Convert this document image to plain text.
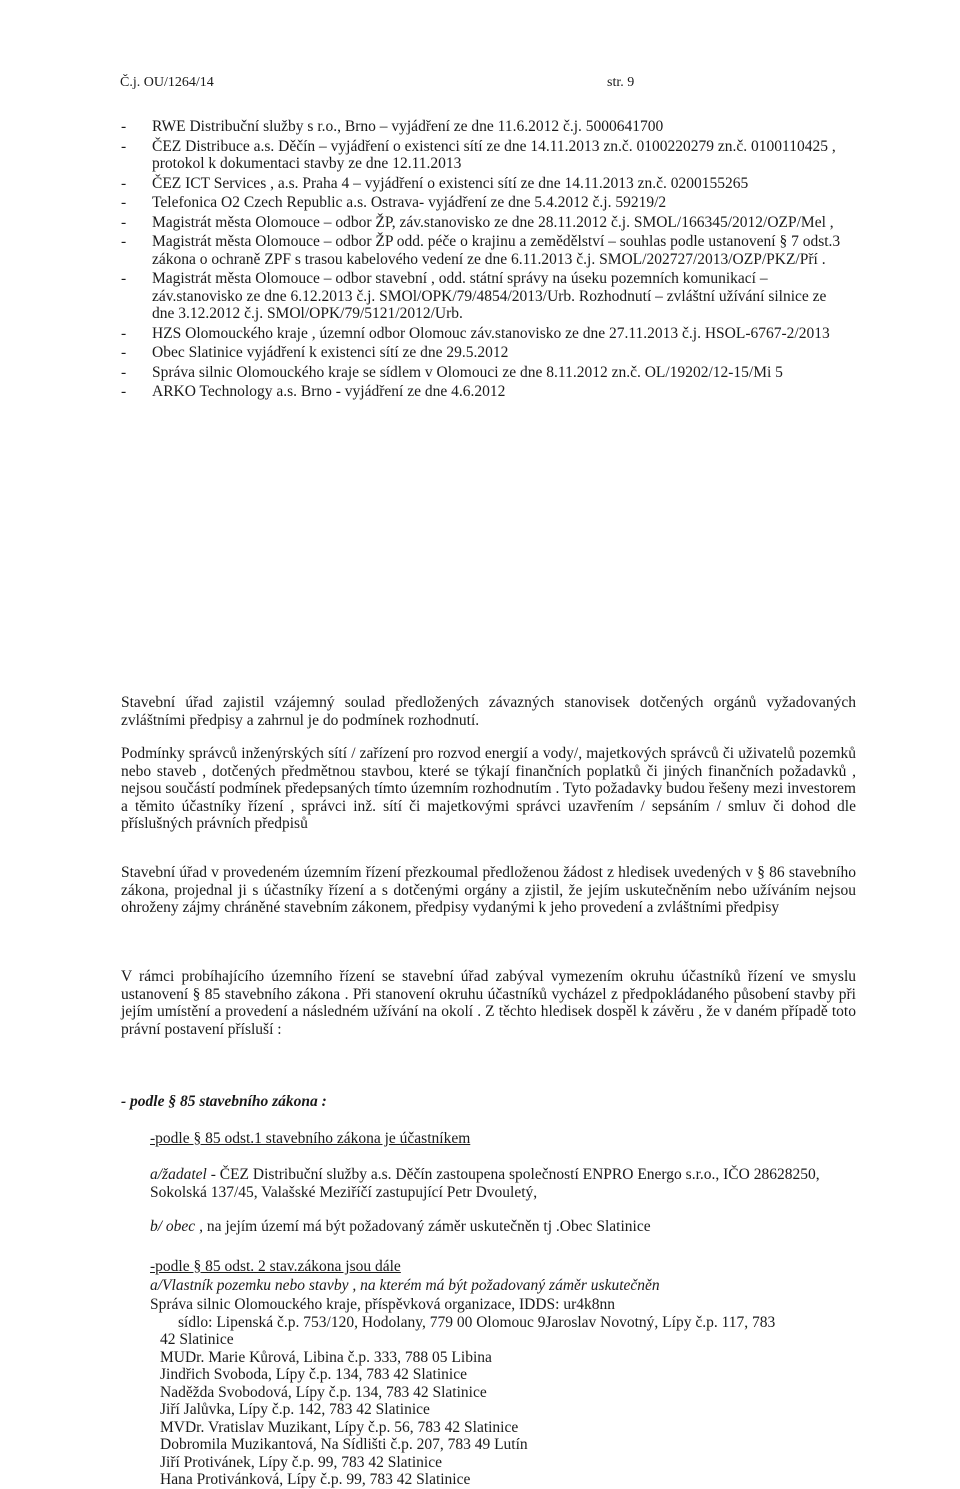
Č.j. OU/1264/14	str. 9
- RWE Distribuční služby s r.o., Brno – vyjádření ze dne 11.6.2012 č.j. 5000641700
- ČEZ Distribuce a.s. Děčín – vyjádření o existenci sítí ze dne 14.11.2013 zn.č. 0100220279 zn.č. 0100110425 , protokol k dokumentaci stavby ze dne 12.11.2013
- ČEZ ICT Services , a.s. Praha 4 – vyjádření o existenci sítí ze dne 14.11.2013 zn.č. 0200155265
- Telefonica O2 Czech Republic a.s. Ostrava- vyjádření ze dne 5.4.2012 č.j. 59219/2
- Magistrát města Olomouce – odbor ŽP, záv.stanovisko ze dne 28.11.2012 č.j. SMOL/166345/2012/OZP/Mel ,
- Magistrát města Olomouce – odbor ŽP odd. péče o krajinu a zemědělství – souhlas podle ustanovení § 7 odst.3 zákona o ochraně ZPF s trasou kabelového vedení ze dne 6.11.2013 č.j. SMOL/202727/2013/OZP/PKZ/Pří .
- Magistrát města Olomouce – odbor stavební , odd. státní správy na úseku pozemních komunikací – záv.stanovisko ze dne 6.12.2013 č.j. SMOl/OPK/79/4854/2013/Urb. Rozhodnutí – zvláštní užívání silnice ze dne 3.12.2012 č.j. SMOl/OPK/79/5121/2012/Urb.
- HZS Olomouckého kraje , územní odbor Olomouc záv.stanovisko ze dne 27.11.2013 č.j. HSOL-6767-2/2013
- Obec Slatinice vyjádření k existenci sítí ze dne 29.5.2012
- Správa silnic Olomouckého kraje se sídlem v Olomouci ze dne 8.11.2012 zn.č. OL/19202/12-15/Mi 5
- ARKO Technology a.s. Brno - vyjádření ze dne 4.6.2012

Stavební úřad zajistil vzájemný soulad předložených závazných stanovisek dotčených orgánů vyžadovaných zvláštními předpisy a zahrnul je do podmínek rozhodnutí.

Podmínky správců inženýrských sítí / zařízení pro rozvod energií a vody/, majetkových správců či uživatelů pozemků nebo staveb , dotčených předmětnou stavbou, které se týkají finančních poplatků či jiných finančních požadavků , nejsou součástí podmínek předepsaných tímto územním rozhodnutím . Tyto požadavky budou řešeny mezi investorem a těmito účastníky řízení , správci inž. sítí či majetkovými správci uzavřením / sepsáním / smluv či dohod dle příslušných právních předpisů

Stavební úřad v provedeném územním řízení přezkoumal předloženou žádost z hledisek uvedených v § 86 stavebního zákona, projednal ji s účastníky řízení a s dotčenými orgány a zjistil, že jejím uskutečněním nebo užíváním nejsou ohroženy zájmy chráněné stavebním zákonem, předpisy vydanými k jeho provedení a zvláštními předpisy

V rámci probíhajícího územního řízení se stavební úřad zabýval vymezením okruhu účastníků řízení ve smyslu ustanovení § 85 stavebního zákona . Při stanovení okruhu účastníků vycházel z předpokládaného působení stavby při jejím umístění a provedení a následném užívání na okolí . Z těchto hledisek dospěl k závěru , že v daném případě toto právní postavení přísluší :

- podle § 85 stavebního zákona :
-podle § 85 odst.1 stavebního zákona je účastníkem
a/žadatel - ČEZ Distribuční služby a.s. Děčín zastoupena společností ENPRO Energo s.r.o., IČO 28628250, Sokolská 137/45, Valašské Meziříčí zastupující Petr Dvouletý,
b/ obec , na jejím území má být požadovaný záměr uskutečněn tj .Obec Slatinice
-podle § 85 odst. 2 stav.zákona jsou dále
a/Vlastník pozemku nebo stavby , na kterém má být požadovaný záměr uskutečněn
Správa silnic Olomouckého kraje, příspěvková organizace, IDDS: ur4k8nn
sídlo: Lipenská č.p. 753/120, Hodolany, 779 00 Olomouc 9Jaroslav Novotný, Lípy č.p. 117, 783
42 Slatinice
MUDr. Marie Kůrová, Libina č.p. 333, 788 05 Libina
Jindřich Svoboda, Lípy č.p. 134, 783 42 Slatinice
Naděžda Svobodová, Lípy č.p. 134, 783 42 Slatinice
Jiří Jalůvka, Lípy č.p. 142, 783 42 Slatinice
MVDr. Vratislav Muzikant, Lípy č.p. 56, 783 42 Slatinice
Dobromila Muzikantová, Na Sídlišti č.p. 207, 783 49 Lutín
Jiří Protivánek, Lípy č.p. 99, 783 42 Slatinice
Hana Protivánková, Lípy č.p. 99, 783 42 Slatinice
